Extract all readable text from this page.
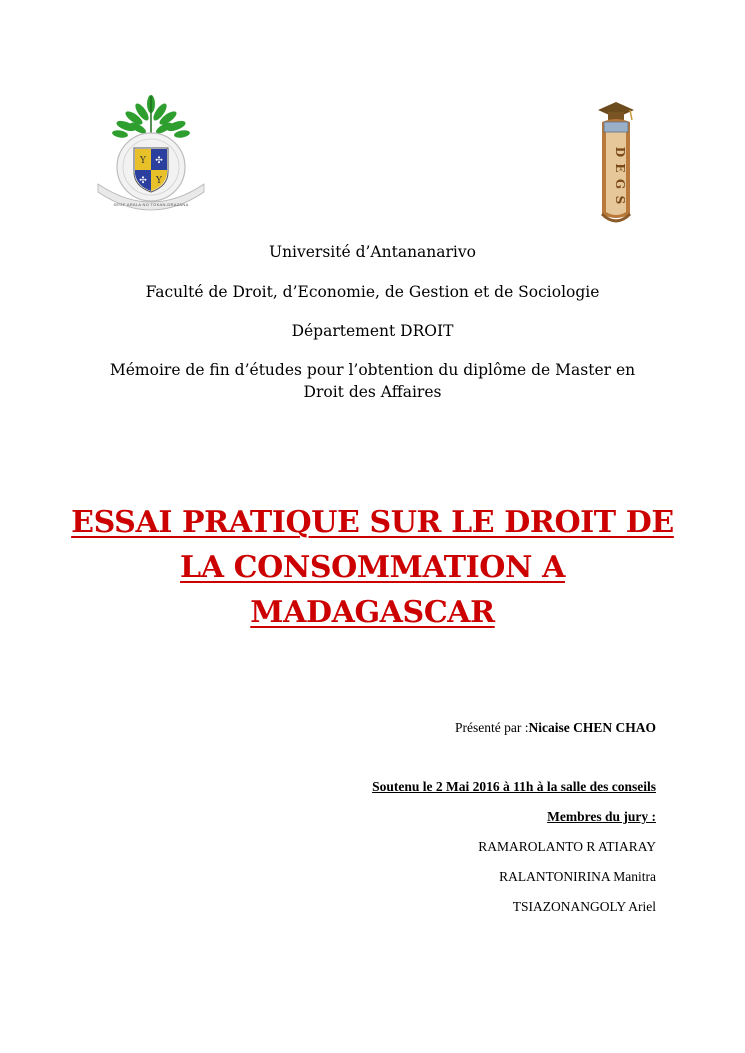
Y ✣
✣ Y
SEOF ARALA NO TOKAN-DRAZANA
D
E
G
S
Université d’Antananarivo
Faculté de Droit, d’Economie, de Gestion et de Sociologie
Département DROIT
Mémoire de fin d’études pour l’obtention du diplôme de Master en
Droit des Affaires
ESSAI PRATIQUE SUR LE DROIT DE
LA CONSOMMATION A
MADAGASCAR
Présenté par :Nicaise CHEN CHAO
Soutenu le 2 Mai 2016 à 11h à la salle des conseils
Membres du jury :
RAMAROLANTO R ATIARAY
RALANTONIRINA Manitra
TSIAZONANGOLY Ariel
